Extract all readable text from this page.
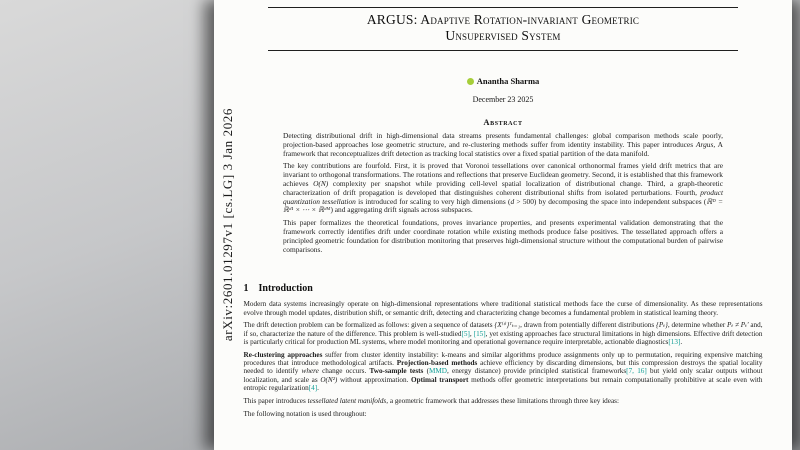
arXiv:2601.01297v1 [cs.LG] 3 Jan 2026
ARGUS: Adaptive Rotation-invariant Geometric
Unsupervised System
Anantha Sharma
December 23 2025
Abstract

Detecting distributional drift in high-dimensional data streams presents fundamental challenges: global comparison methods scale poorly, projection-based approaches lose geometric structure, and re-clustering methods suffer from identity instability. This paper introduces Argus, A framework that reconceptualizes drift detection as tracking local statistics over a fixed spatial partition of the data manifold.

The key contributions are fourfold. First, it is proved that Voronoi tessellations over canonical orthonormal frames yield drift metrics that are invariant to orthogonal transformations. The rotations and reflections that preserve Euclidean geometry. Second, it is established that this framework achieves O(N) complexity per snapshot while providing cell-level spatial localization of distributional change. Third, a graph-theoretic characterization of drift propagation is developed that distinguishes coherent distributional shifts from isolated perturbations. Fourth, product quantization tessellation is introduced for scaling to very high dimensions (d > 500) by decomposing the space into independent subspaces (ℝᴰ = ℝᵈ¹ × ⋯ × ℝᵈᴹ) and aggregating drift signals across subspaces.

This paper formalizes the theoretical foundations, proves invariance properties, and presents experimental validation demonstrating that the framework correctly identifies drift under coordinate rotation while existing methods produce false positives. The tessellated approach offers a principled geometric foundation for distribution monitoring that preserves high-dimensional structure without the computational burden of pairwise comparisons.

1 Introduction

Modern data systems increasingly operate on high-dimensional representations where traditional statistical methods face the curse of dimensionality. As these representations evolve through model updates, distribution shift, or semantic drift, detecting and characterizing change becomes a fundamental problem in statistical learning theory.

The drift detection problem can be formalized as follows: given a sequence of datasets {X⁽ᵗ⁾}ᵀₜ₌₁, drawn from potentially different distributions {Pₜ}, determine whether Pₜ ≠ Pₜ′ and, if so, characterize the nature of the difference. This problem is well-studied[5], [15], yet existing approaches face structural limitations in high dimensions. Effective drift detection is particularly critical for production ML systems, where model monitoring and operational governance require interpretable, actionable diagnostics[13].

Re-clustering approaches suffer from cluster identity instability: k-means and similar algorithms produce assignments only up to permutation, requiring expensive matching procedures that introduce methodological artifacts. Projection-based methods achieve efficiency by discarding dimensions, but this compression destroys the spatial locality needed to identify where change occurs. Two-sample tests (MMD, energy distance) provide principled statistical frameworks[7, 16] but yield only scalar outputs without localization, and scale as O(N²) without approximation. Optimal transport methods offer geometric interpretations but remain computationally prohibitive at scale even with entropic regularization[4].

This paper introduces tessellated latent manifolds, a geometric framework that addresses these limitations through three key ideas:

The following notation is used throughout:
